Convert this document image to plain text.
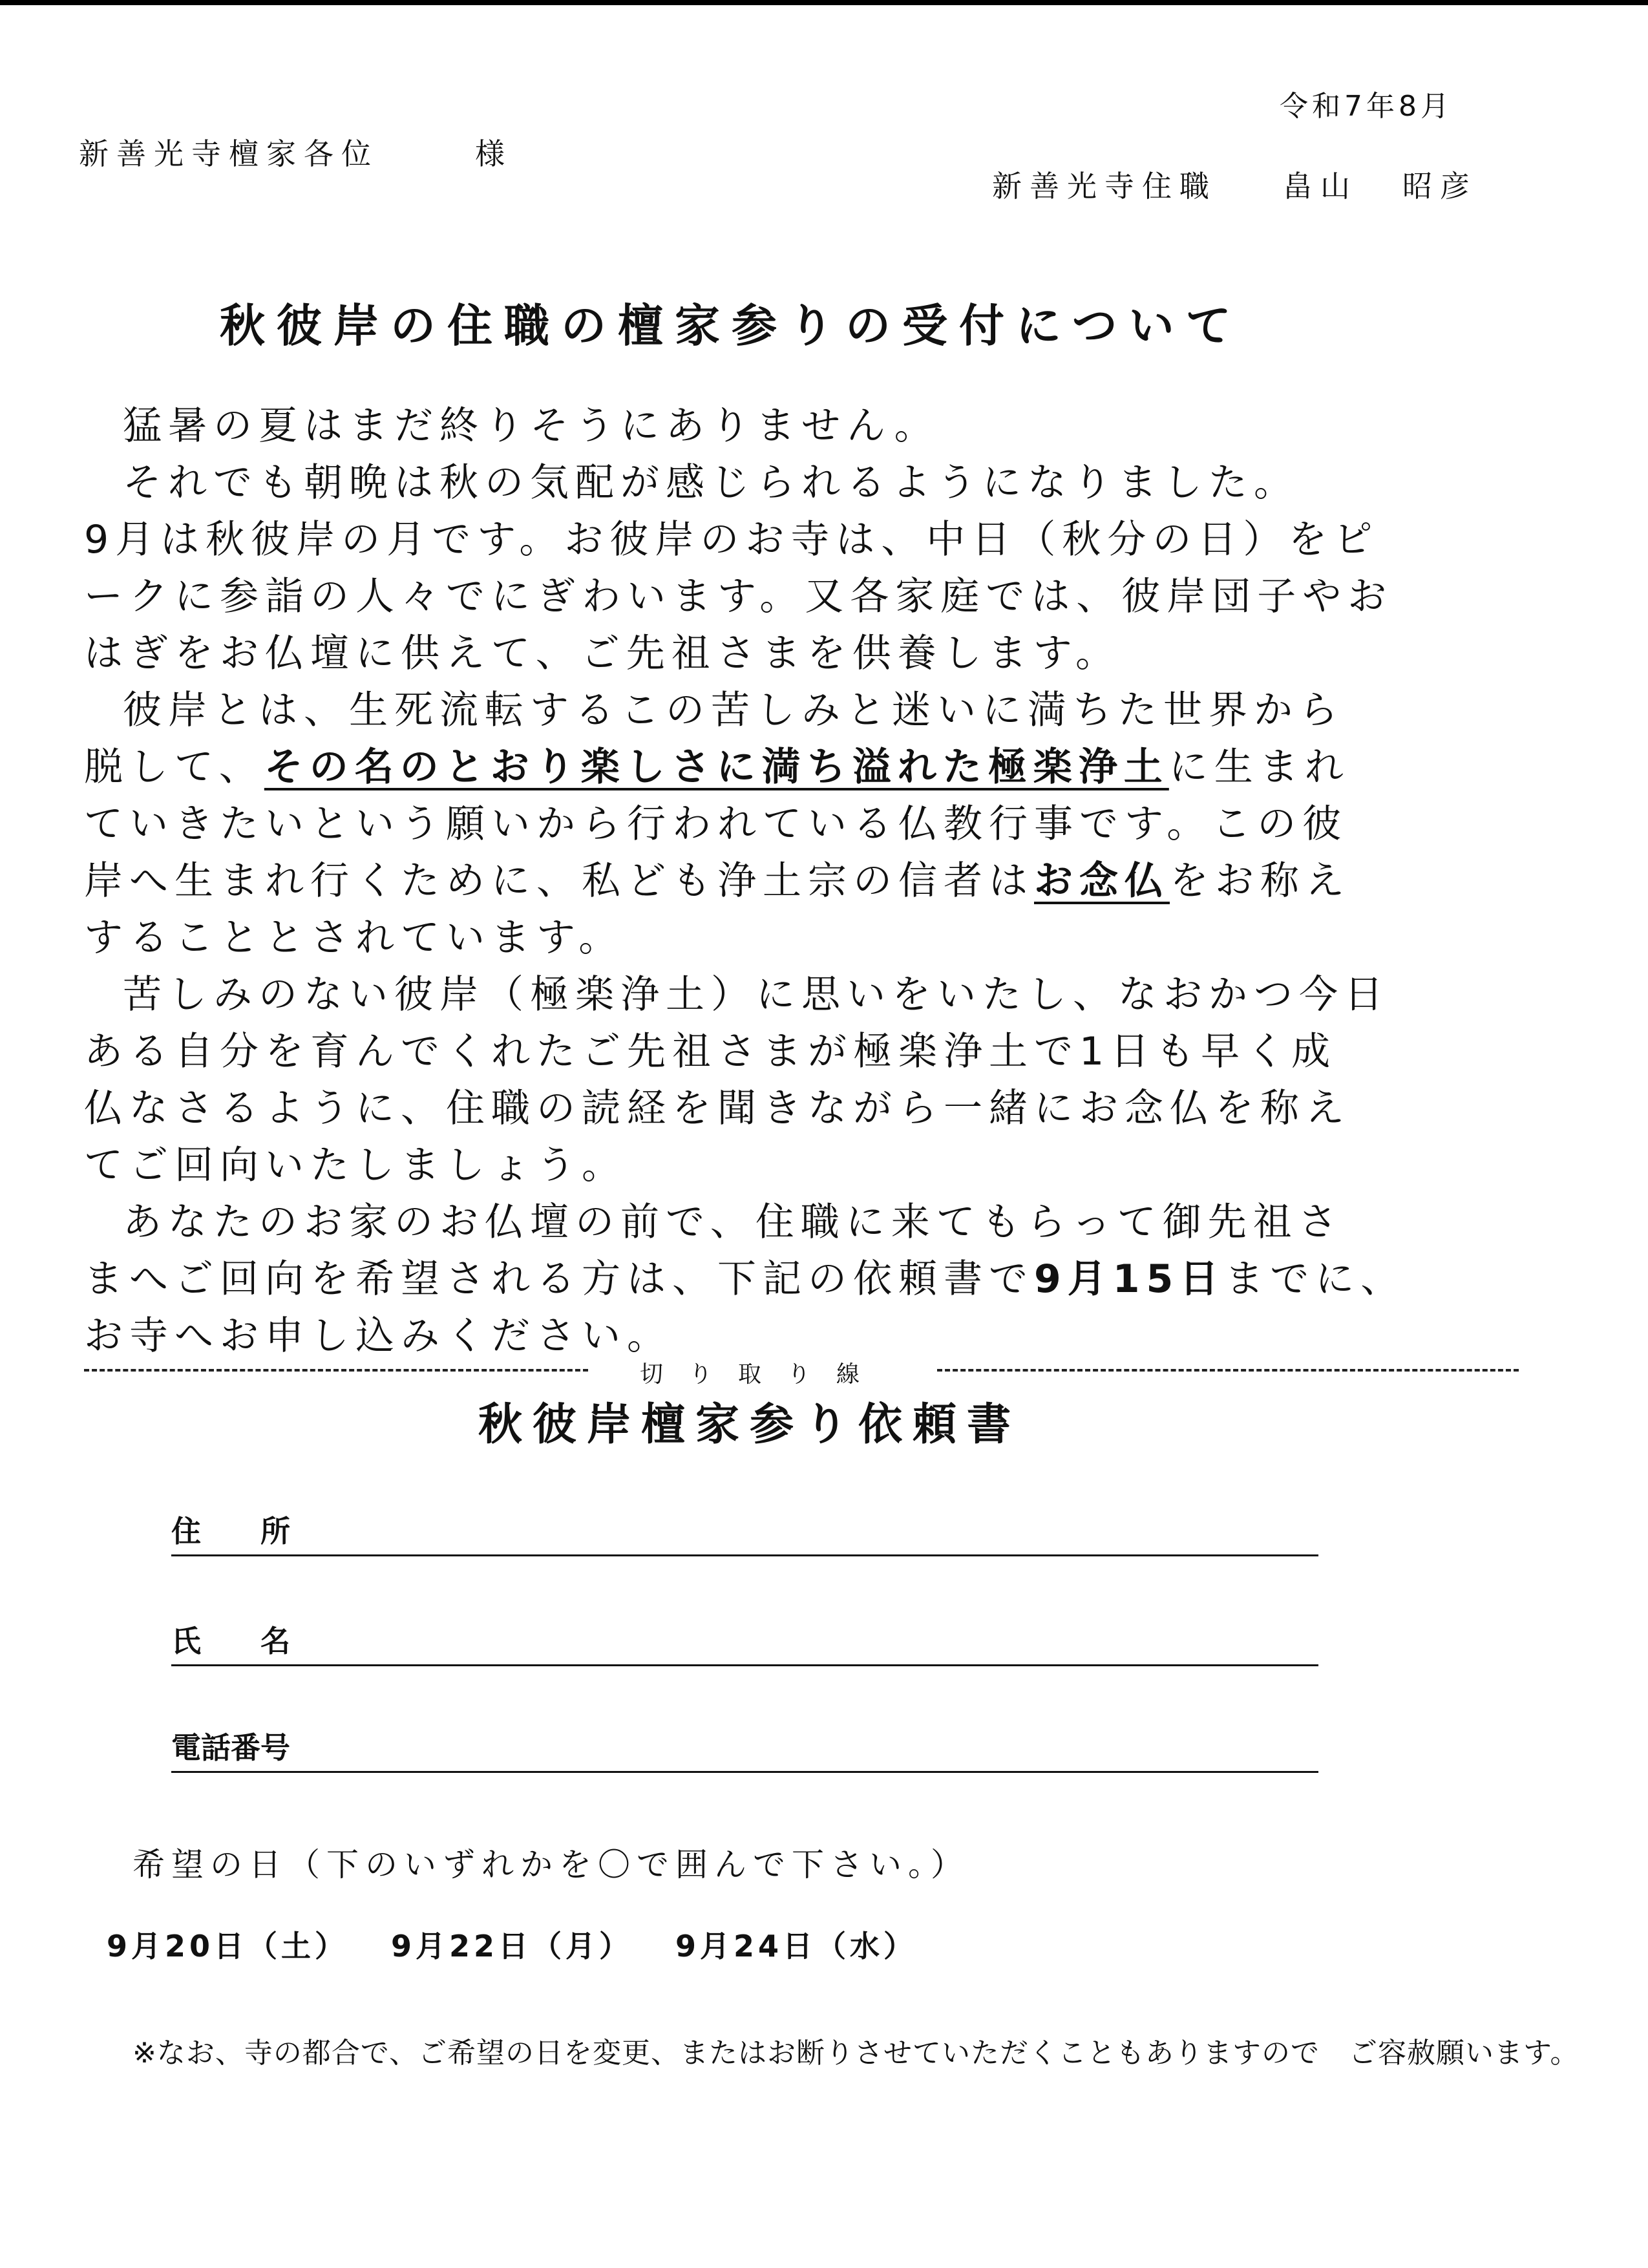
令和7年8月
新善光寺檀家各位	様
新善光寺住職 畠山 昭彦
秋彼岸の住職の檀家参りの受付について
猛暑の夏はまだ終りそうにありません。
それでも朝晩は秋の気配が感じられるようになりました。
9月は秋彼岸の月です。お彼岸のお寺は、中日（秋分の日）をピ
ークに参詣の人々でにぎわいます。又各家庭では、彼岸団子やお
はぎをお仏壇に供えて、ご先祖さまを供養します。
彼岸とは、生死流転するこの苦しみと迷いに満ちた世界から
脱して、その名のとおり楽しさに満ち溢れた極楽浄土に生まれ
ていきたいという願いから行われている仏教行事です。この彼
岸へ生まれ行くために、私ども浄土宗の信者はお念仏をお称え
することとされています。
苦しみのない彼岸（極楽浄土）に思いをいたし、なおかつ今日
ある自分を育んでくれたご先祖さまが極楽浄土で1日も早く成
仏なさるように、住職の読経を聞きながら一緒にお念仏を称え
てご回向いたしましょう。
あなたのお家のお仏壇の前で、住職に来てもらって御先祖さ
まへご回向を希望される方は、下記の依頼書で9月15日までに、
お寺へお申し込みください。
切り取り線
秋彼岸檀家参り依頼書
住　　所
氏　　名
電話番号
希望の日（下のいずれかを〇で囲んで下さい。）
9月20日（土） 9月22日（月） 9月24日（水）
※なお、寺の都合で、ご希望の日を変更、またはお断りさせていただくこともありますので　ご容赦願います。
